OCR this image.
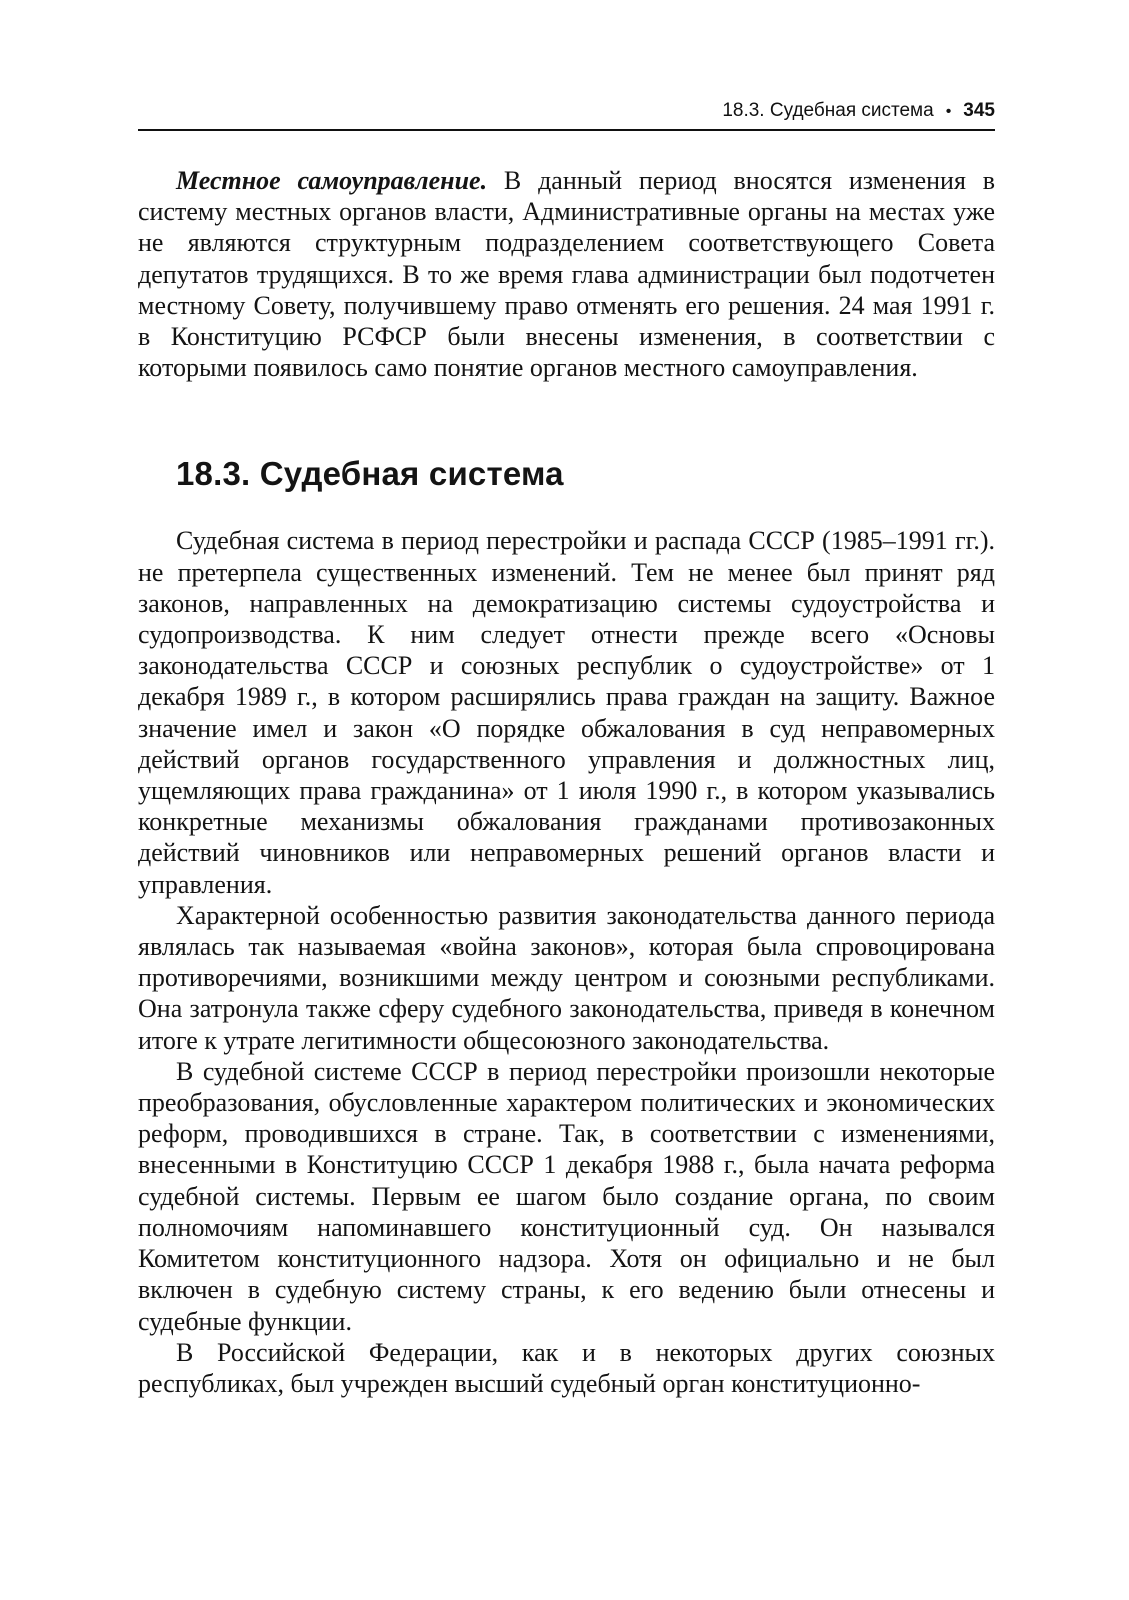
18.3. Судебная система • 345

Местное самоуправление. В данный период вносятся изменения в систему местных органов власти, Административные органы на местах уже не являются структурным подразделением соответствующего Совета депутатов трудящихся. В то же время глава администрации был подотчетен местному Совету, получившему право отменять его решения. 24 мая 1991 г. в Конституцию РСФСР были внесены изменения, в соответствии с которыми появилось само понятие органов местного самоуправления.

18.3. Судебная система

Судебная система в период перестройки и распада СССР (1985–1991 гг.). не претерпела существенных изменений. Тем не менее был принят ряд законов, направленных на демократизацию системы судоустройства и судопроизводства. К ним следует отнести прежде всего «Основы законодательства СССР и союзных республик о судоустройстве» от 1 декабря 1989 г., в котором расширялись права граждан на защиту. Важное значение имел и закон «О порядке обжалования в суд неправомерных действий органов государственного управления и должностных лиц, ущемляющих права гражданина» от 1 июля 1990 г., в котором указывались конкретные механизмы обжалования гражданами противозаконных действий чиновников или неправомерных решений органов власти и управления.

Характерной особенностью развития законодательства данного периода являлась так называемая «война законов», которая была спровоцирована противоречиями, возникшими между центром и союзными республиками. Она затронула также сферу судебного законодательства, приведя в конечном итоге к утрате легитимности общесоюзного законодательства.

В судебной системе СССР в период перестройки произошли некоторые преобразования, обусловленные характером политических и экономических реформ, проводившихся в стране. Так, в соответствии с изменениями, внесенными в Конституцию СССР 1 декабря 1988 г., была начата реформа судебной системы. Первым ее шагом было создание органа, по своим полномочиям напоминавшего конституционный суд. Он назывался Комитетом конституционного надзора. Хотя он официально и не был включен в судебную систему страны, к его ведению были отнесены и судебные функции.

В Российской Федерации, как и в некоторых других союзных республиках, был учрежден высший судебный орган конституционно-
